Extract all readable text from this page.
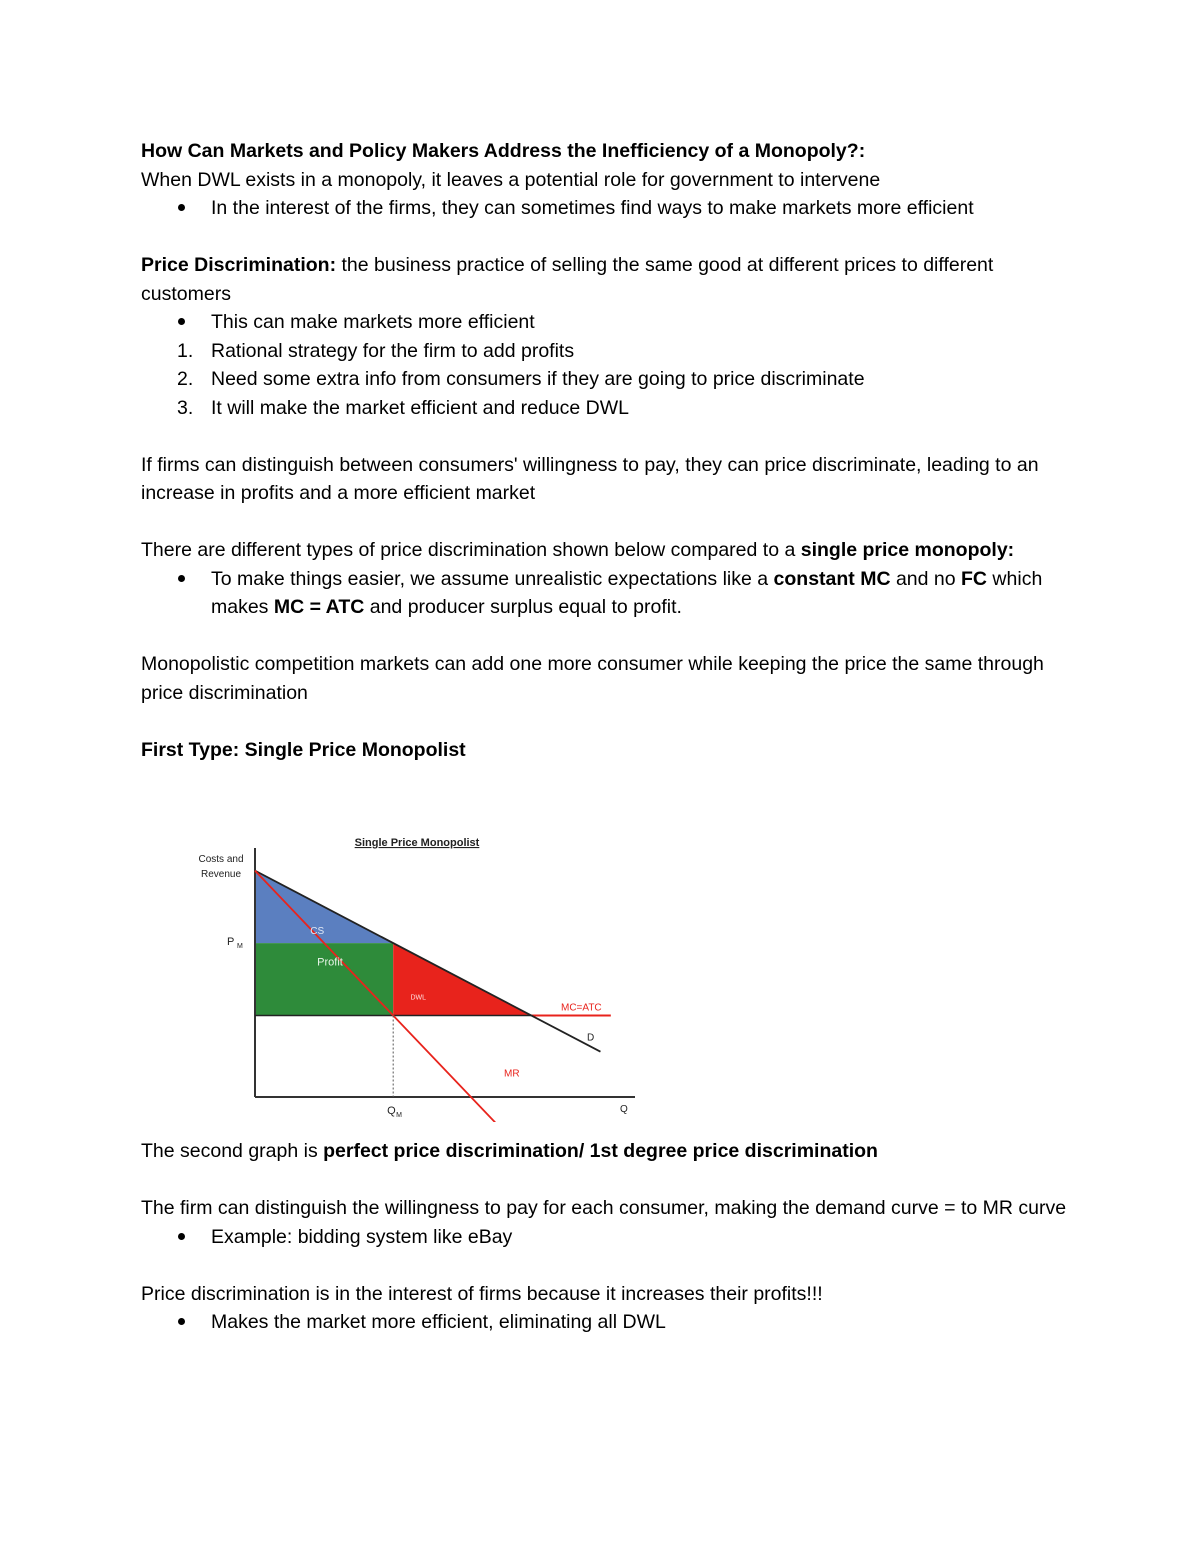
How Can Markets and Policy Makers Address the Inefficiency of a Monopoly?:

When DWL exists in a monopoly, it leaves a potential role for government to intervene

In the interest of the firms, they can sometimes find ways to make markets more efficient

Price Discrimination: the business practice of selling the same good at different prices to different customers

This can make markets more efficient
1. Rational strategy for the firm to add profits
2. Need some extra info from consumers if they are going to price discriminate
3. It will make the market efficient and reduce DWL

If firms can distinguish between consumers' willingness to pay, they can price discriminate, leading to an increase in profits and a more efficient market

There are different types of price discrimination shown below compared to a single price monopoly:

To make things easier, we assume unrealistic expectations like a constant MC and no FC which makes MC = ATC and producer surplus equal to profit.

Monopolistic competition markets can add one more consumer while keeping the price the same through price discrimination

First Type: Single Price Monopolist

Single Price Monopolist
Costs and
Revenue
P M
Q M
Q
CS
Profit
DWL
MC=ATC
D
MR

The second graph is perfect price discrimination/ 1st degree price discrimination

The firm can distinguish the willingness to pay for each consumer, making the demand curve = to MR curve

Example: bidding system like eBay

Price discrimination is in the interest of firms because it increases their profits!!!

Makes the market more efficient, eliminating all DWL
